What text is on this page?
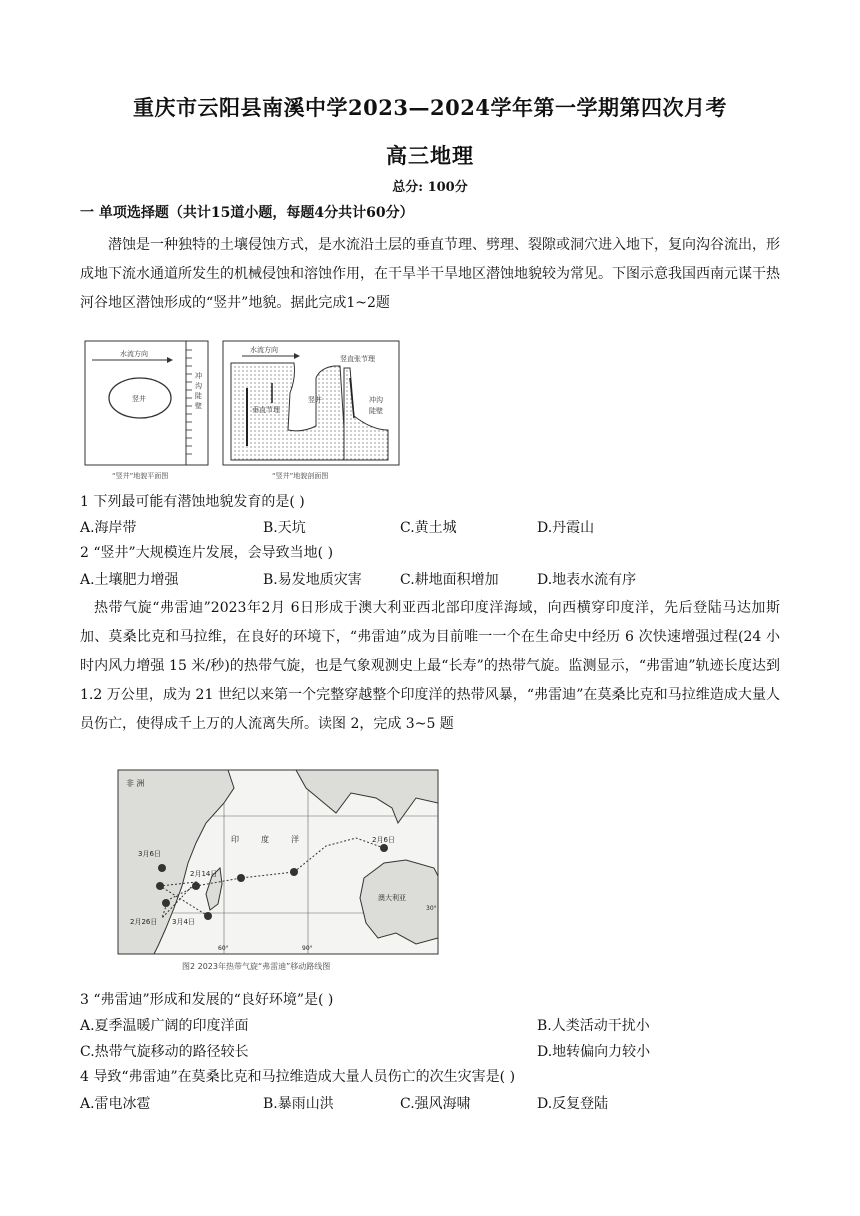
重庆市云阳县南溪中学2023—2024学年第一学期第四次月考
高三地理
总分: 100分
一 单项选择题（共计15道小题，每题4分共计60分）

潜蚀是一种独特的土壤侵蚀方式，是水流沿土层的垂直节理、劈理、裂隙或洞穴进入地下，复向沟谷流出，形成地下流水通道所发生的机械侵蚀和溶蚀作用，在干旱半干旱地区潜蚀地貌较为常见。下图示意我国西南元谋干热河谷地区潜蚀形成的“竖井”地貌。据此完成1~2题

水流方向
竖井
冲沟陡壁
“竖井”地貌平面图
水流方向
竖直张节理
垂直节理
竖井	冲沟陡壁
“竖井”地貌剖面图
1 下列最可能有潜蚀地貌发育的是( )
A.海岸带	B.天坑	C.黄土城	D.丹霞山
2 “竖井”大规模连片发展，会导致当地( )
A.土壤肥力增强	B.易发地质灾害	C.耕地面积增加	D.地表水流有序

热带气旋“弗雷迪”2023年2月 6日形成于澳大利亚西北部印度洋海域，向西横穿印度洋，先后登陆马达加斯加、莫桑比克和马拉维，在良好的环境下，“弗雷迪”成为目前唯一一个在生命史中经历 6 次快速增强过程(24 小时内风力增强 15 米/秒)的热带气旋，也是气象观测史上最“长寿”的热带气旋。监测显示，“弗雷迪”轨迹长度达到 1.2 万公里，成为 21 世纪以来第一个完整穿越整个印度洋的热带风暴，“弗雷迪”在莫桑比克和马拉维造成大量人员伤亡，使得成千上万的人流离失所。读图 2，完成 3~5 题

非 洲
印	度	洋
澳大利亚
2月6日
3月6日
2月14日
2月26日 3月4日
60°	90°
30°
图2 2023年热带气旋“弗雷迪”移动路线图
3 “弗雷迪”形成和发展的“良好环境”是( )
A.夏季温暖广阔的印度洋面	B.人类活动干扰小
C.热带气旋移动的路径较长	D.地转偏向力较小
4 导致“弗雷迪”在莫桑比克和马拉维造成大量人员伤亡的次生灾害是( )
A.雷电冰雹	B.暴雨山洪	C.强风海啸	D.反复登陆
